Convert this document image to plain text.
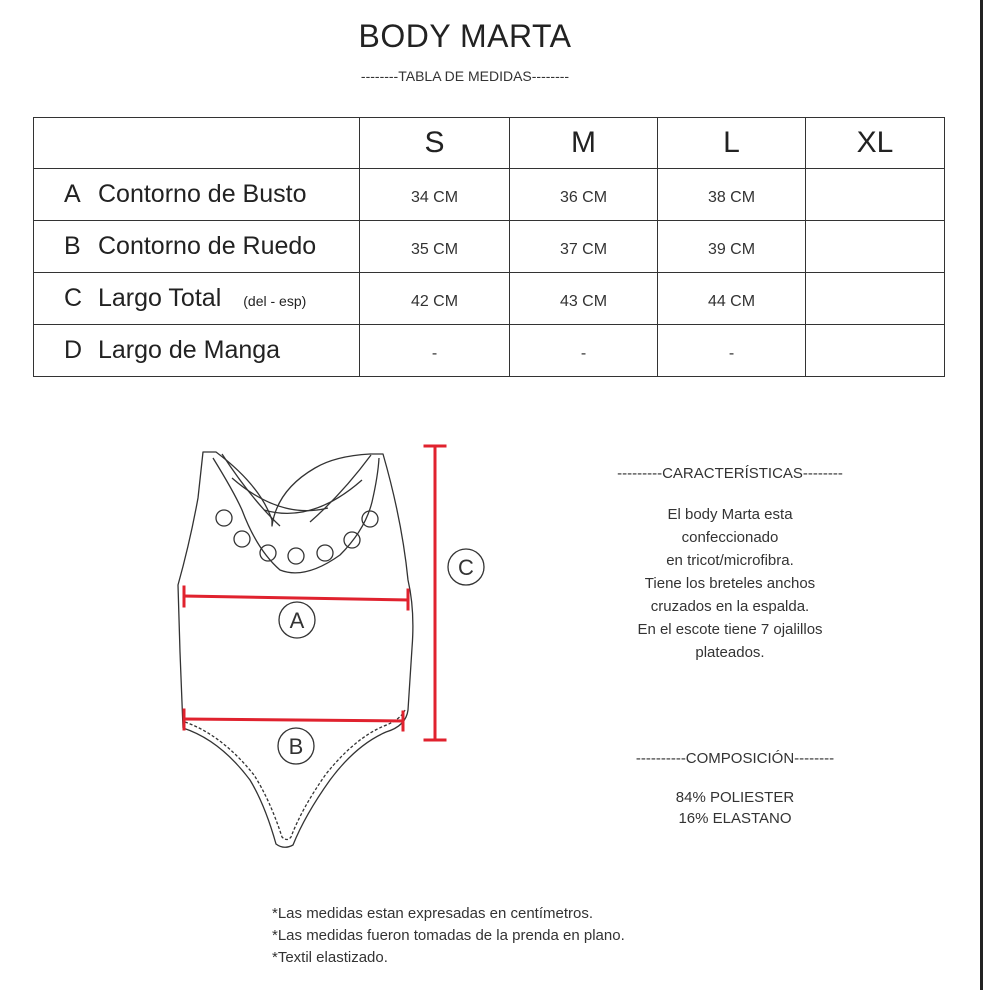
BODY MARTA
--------TABLA DE MEDIDAS--------
	S	M	L	XL
A Contorno de Busto	34 CM	36 CM	38 CM	
B Contorno de Ruedo	35 CM	37 CM	39 CM	
C Largo Total (del - esp)	42 CM	43 CM	44 CM	
D Largo de Manga	-	-	-	
A
B
C
---------CARACTERÍSTICAS--------
El body Marta esta
confeccionado
en tricot/microfibra.
Tiene los breteles anchos
cruzados en la espalda.
En el escote tiene 7 ojalillos
plateados.
----------COMPOSICIÓN--------
84% POLIESTER
16% ELASTANO
*Las medidas estan expresadas en centímetros.
*Las medidas fueron tomadas de la prenda en plano.
*Textil elastizado.
